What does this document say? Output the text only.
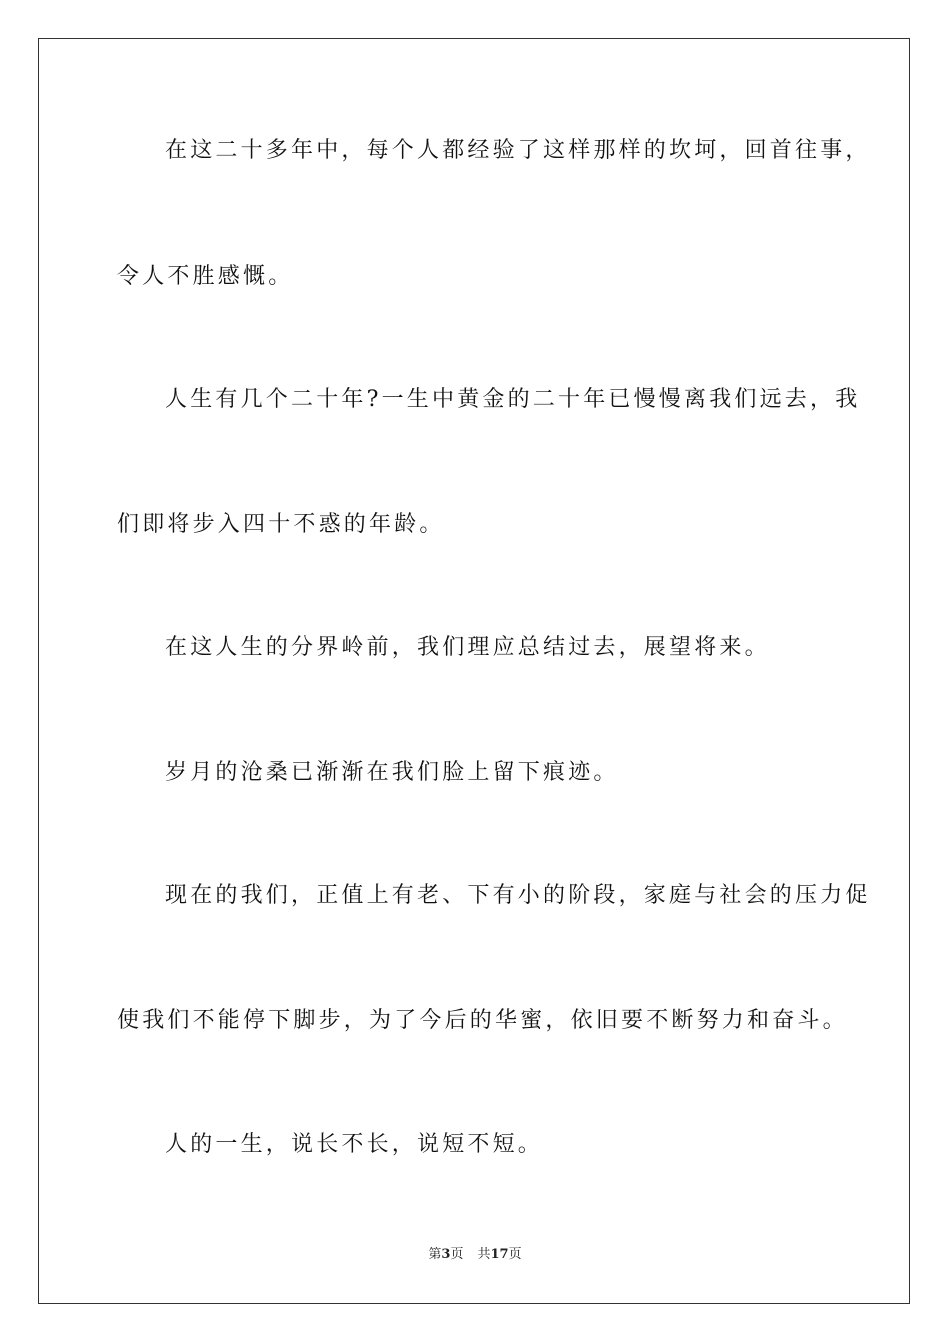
在这二十多年中，每个人都经验了这样那样的坎坷，回首往事，
令人不胜感慨。
人生有几个二十年?一生中黄金的二十年已慢慢离我们远去，我
们即将步入四十不惑的年龄。
在这人生的分界岭前，我们理应总结过去，展望将来。
岁月的沧桑已渐渐在我们脸上留下痕迹。
现在的我们，正值上有老、下有小的阶段，家庭与社会的压力促
使我们不能停下脚步，为了今后的华蜜，依旧要不断努力和奋斗。
人的一生，说长不长，说短不短。
第3页 共17页
